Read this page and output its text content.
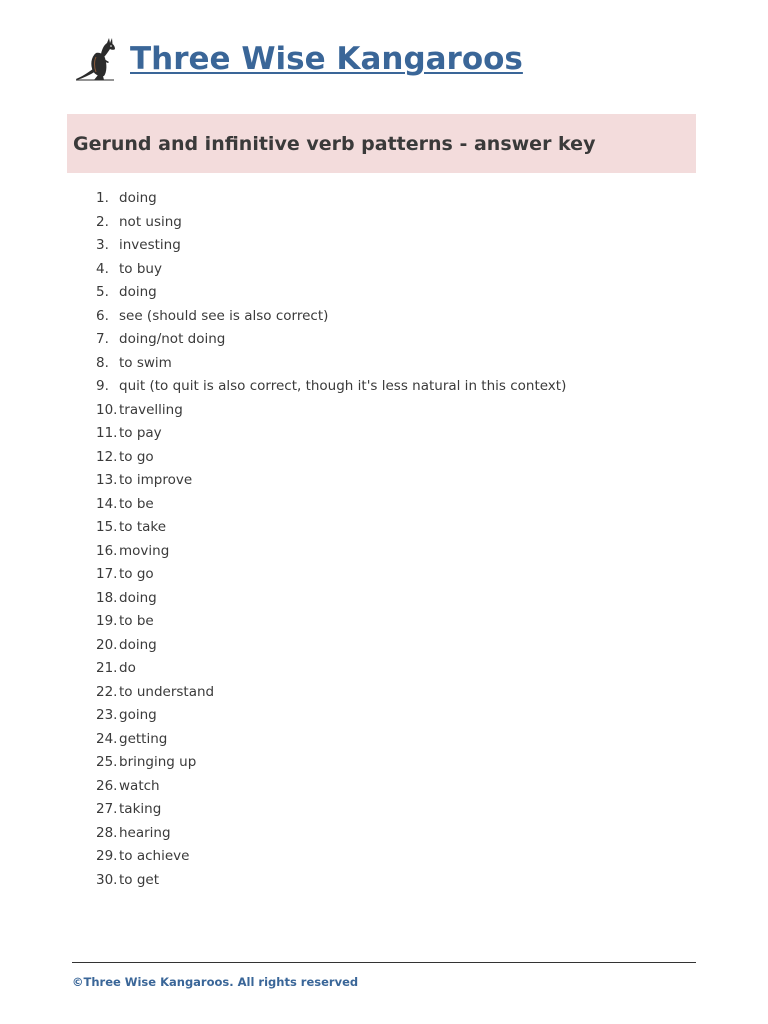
Three Wise Kangaroos
Gerund and infinitive verb patterns - answer key
1. doing
2. not using
3. investing
4. to buy
5. doing
6. see (should see is also correct)
7. doing/not doing
8. to swim
9. quit (to quit is also correct, though it's less natural in this context)
10. travelling
11. to pay
12. to go
13. to improve
14. to be
15. to take
16. moving
17. to go
18. doing
19. to be
20. doing
21. do
22. to understand
23. going
24. getting
25. bringing up
26. watch
27. taking
28. hearing
29. to achieve
30. to get
©Three Wise Kangaroos. All rights reserved
